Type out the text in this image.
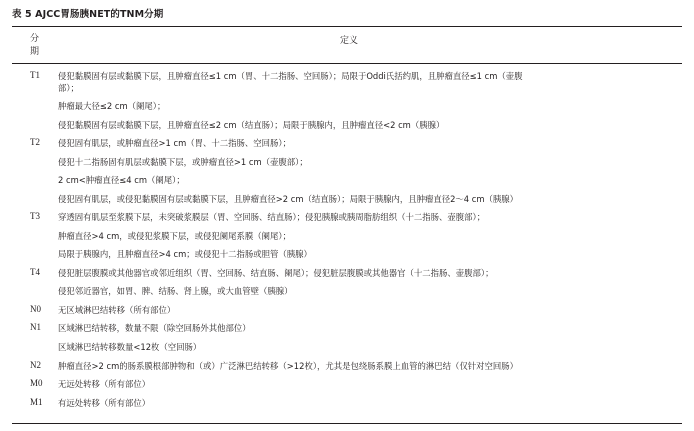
表 5 AJCC胃肠胰NET的TNM分期
分
期
定义
T1 侵犯黏膜固有层或黏膜下层，且肿瘤直径≤1 cm（胃、十二指肠、空回肠）；局限于Oddi氏括约肌，且肿瘤直径≤1 cm（壶腹
部）；
肿瘤最大径≤2 cm（阑尾）；
侵犯黏膜固有层或黏膜下层，且肿瘤直径≤2 cm（结直肠）；局限于胰腺内，且肿瘤直径<2 cm（胰腺）
T2 侵犯固有肌层，或肿瘤直径>1 cm（胃、十二指肠、空回肠）；
侵犯十二指肠固有肌层或黏膜下层，或肿瘤直径>1 cm（壶腹部）；
2 cm<肿瘤直径≤4 cm（阑尾）；
侵犯固有肌层，或侵犯黏膜固有层或黏膜下层，且肿瘤直径>2 cm（结直肠）；局限于胰腺内，且肿瘤直径2～4 cm（胰腺）
T3 穿透固有肌层至浆膜下层，未突破浆膜层（胃、空回肠、结直肠）；侵犯胰腺或胰周脂肪组织（十二指肠、壶腹部）；
肿瘤直径>4 cm，或侵犯浆膜下层，或侵犯阑尾系膜（阑尾）；
局限于胰腺内，且肿瘤直径>4 cm；或侵犯十二指肠或胆管（胰腺）
T4 侵犯脏层腹膜或其他器官或邻近组织（胃、空回肠、结直肠、阑尾）；侵犯脏层腹膜或其他器官（十二指肠、壶腹部）；
侵犯邻近器官，如胃、脾、结肠、肾上腺，或大血管壁（胰腺）
N0 无区域淋巴结转移（所有部位）
N1 区域淋巴结转移，数量不限（除空回肠外其他部位）
区域淋巴结转移数量<12枚（空回肠）
N2 肿瘤直径>2 cm的肠系膜根部肿物和（或）广泛淋巴结转移（>12枚），尤其是包绕肠系膜上血管的淋巴结（仅针对空回肠）
M0 无远处转移（所有部位）
M1 有远处转移（所有部位）
